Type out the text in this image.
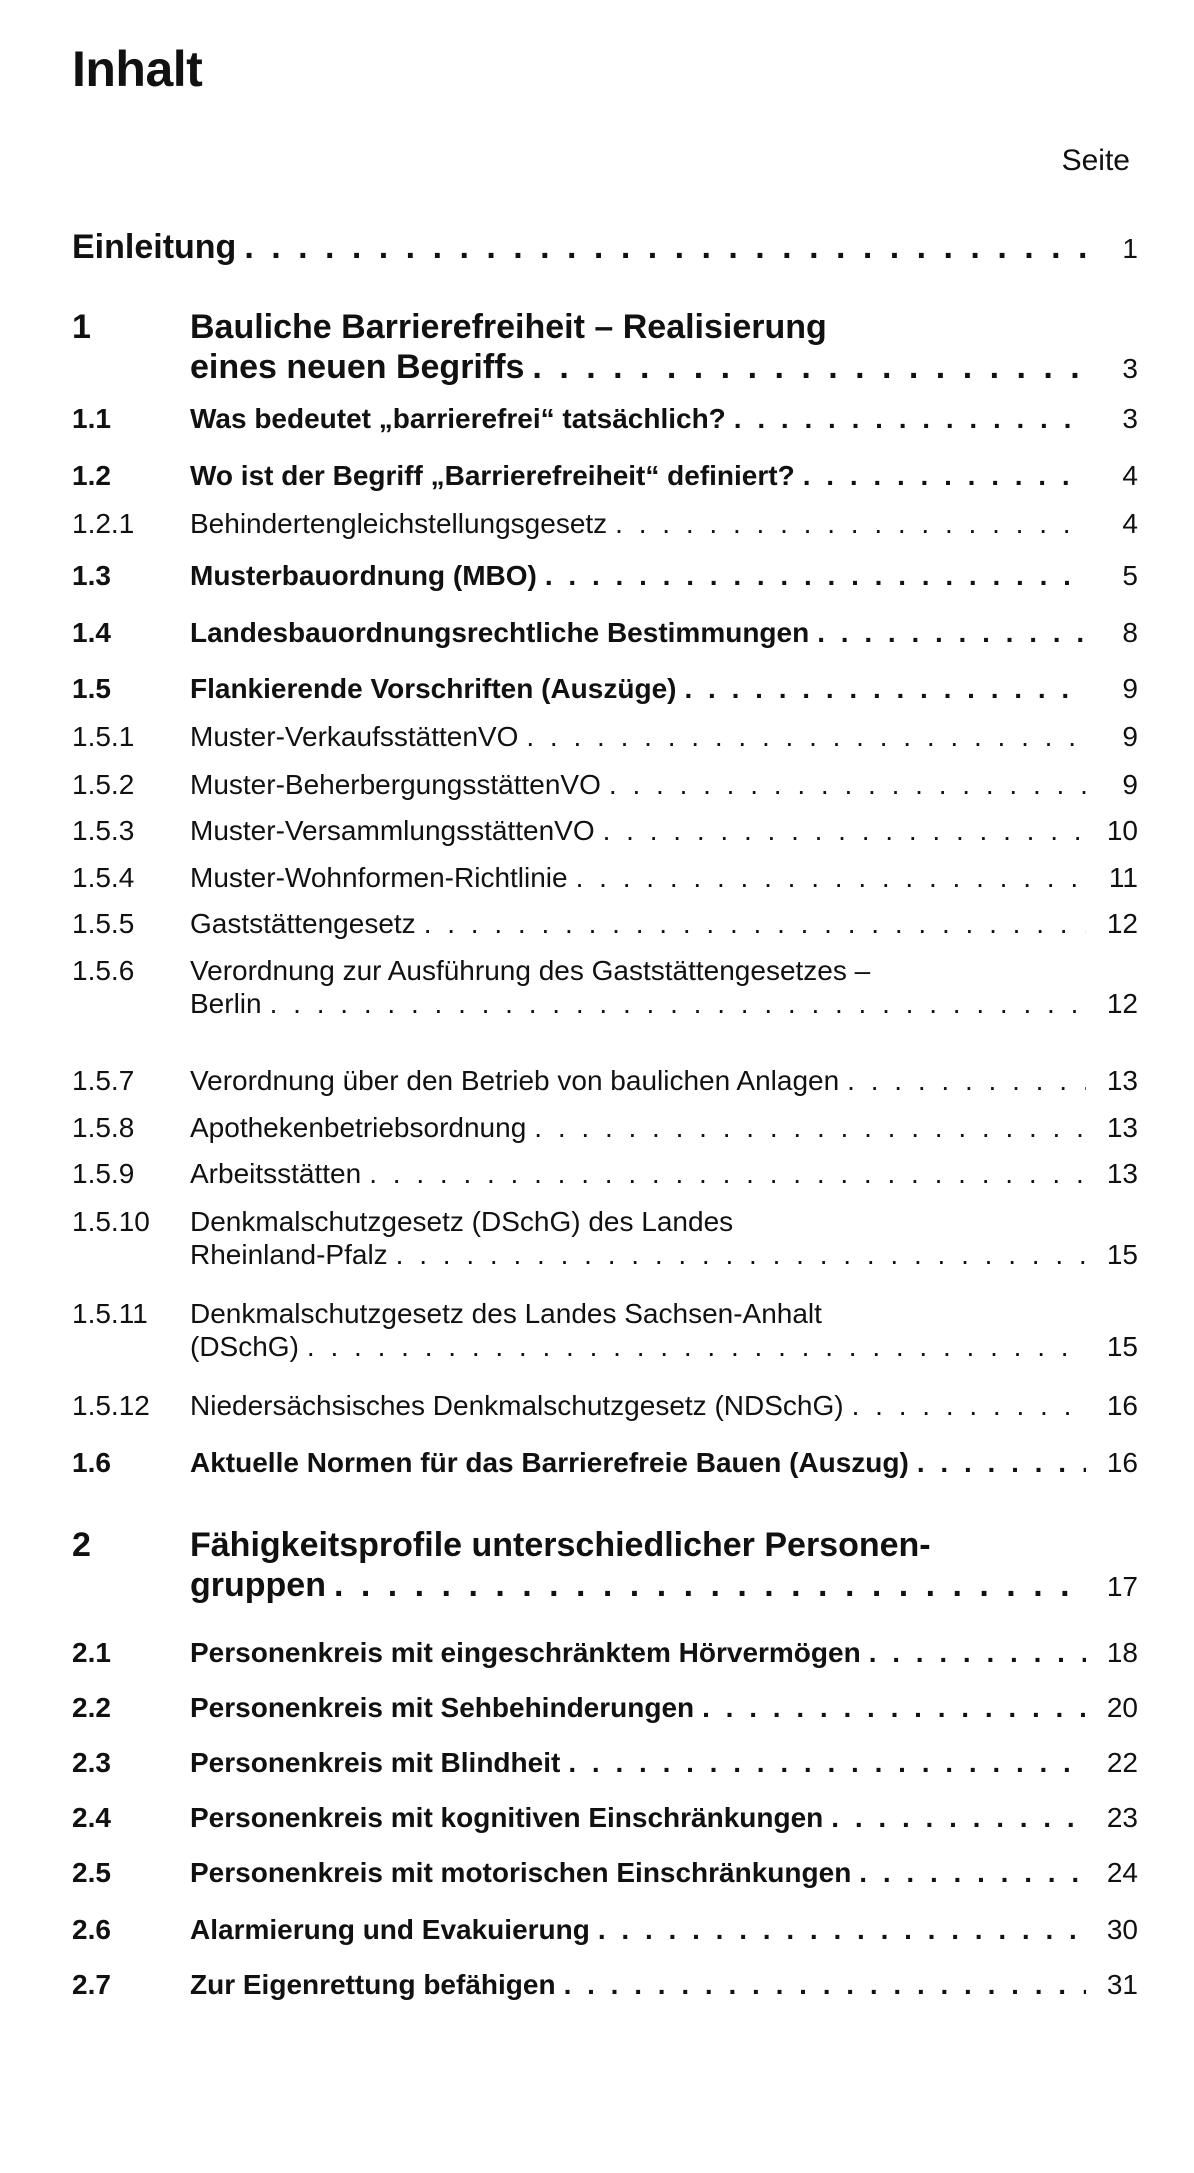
Inhalt
Seite
Einleitung . . .	1
1	Bauliche Barrierefreiheit – Realisierung
eines neuen Begriffs . . .	3
1.1	Was bedeutet „barrierefrei“ tatsächlich? . . .	3
1.2	Wo ist der Begriff „Barrierefreiheit“ definiert? . . .	4
1.2.1 Behindertengleichstellungsgesetz . . .	4
1.3	Musterbauordnung (MBO) . . .	5
1.4	Landesbauordnungsrechtliche Bestimmungen . . .	8
1.5	Flankierende Vorschriften (Auszüge) . . .	9
1.5.1 Muster-VerkaufsstättenVO . . .	9
1.5.2 Muster-BeherbergungsstättenVO . . .	9
1.5.3 Muster-VersammlungsstättenVO . . .	10
1.5.4 Muster-Wohnformen-Richtlinie . . .	11
1.5.5 Gaststättengesetz . . .	12
1.5.6 Verordnung zur Ausführung des Gaststättengesetzes –
Berlin . . .	12
1.5.7 Verordnung über den Betrieb von baulichen Anlagen . . .	13
1.5.8 Apothekenbetriebsordnung . . .	13
1.5.9 Arbeitsstätten . . .	13
1.5.10 Denkmalschutzgesetz (DSchG) des Landes
Rheinland-Pfalz . . .	15
1.5.11 Denkmalschutzgesetz des Landes Sachsen-Anhalt
(DSchG) . . .	15
1.5.12 Niedersächsisches Denkmalschutzgesetz (NDSchG) . . .	16
1.6	Aktuelle Normen für das Barrierefreie Bauen (Auszug) . . .	16
2	Fähigkeitsprofile unterschiedlicher Personen-
gruppen . . .	17
2.1	Personenkreis mit eingeschränktem Hörvermögen . . .	18
2.2	Personenkreis mit Sehbehinderungen . . .	20
2.3	Personenkreis mit Blindheit . . .	22
2.4	Personenkreis mit kognitiven Einschränkungen . . .	23
2.5	Personenkreis mit motorischen Einschränkungen . . .	24
2.6	Alarmierung und Evakuierung . . .	30
2.7	Zur Eigenrettung befähigen . . .	31
